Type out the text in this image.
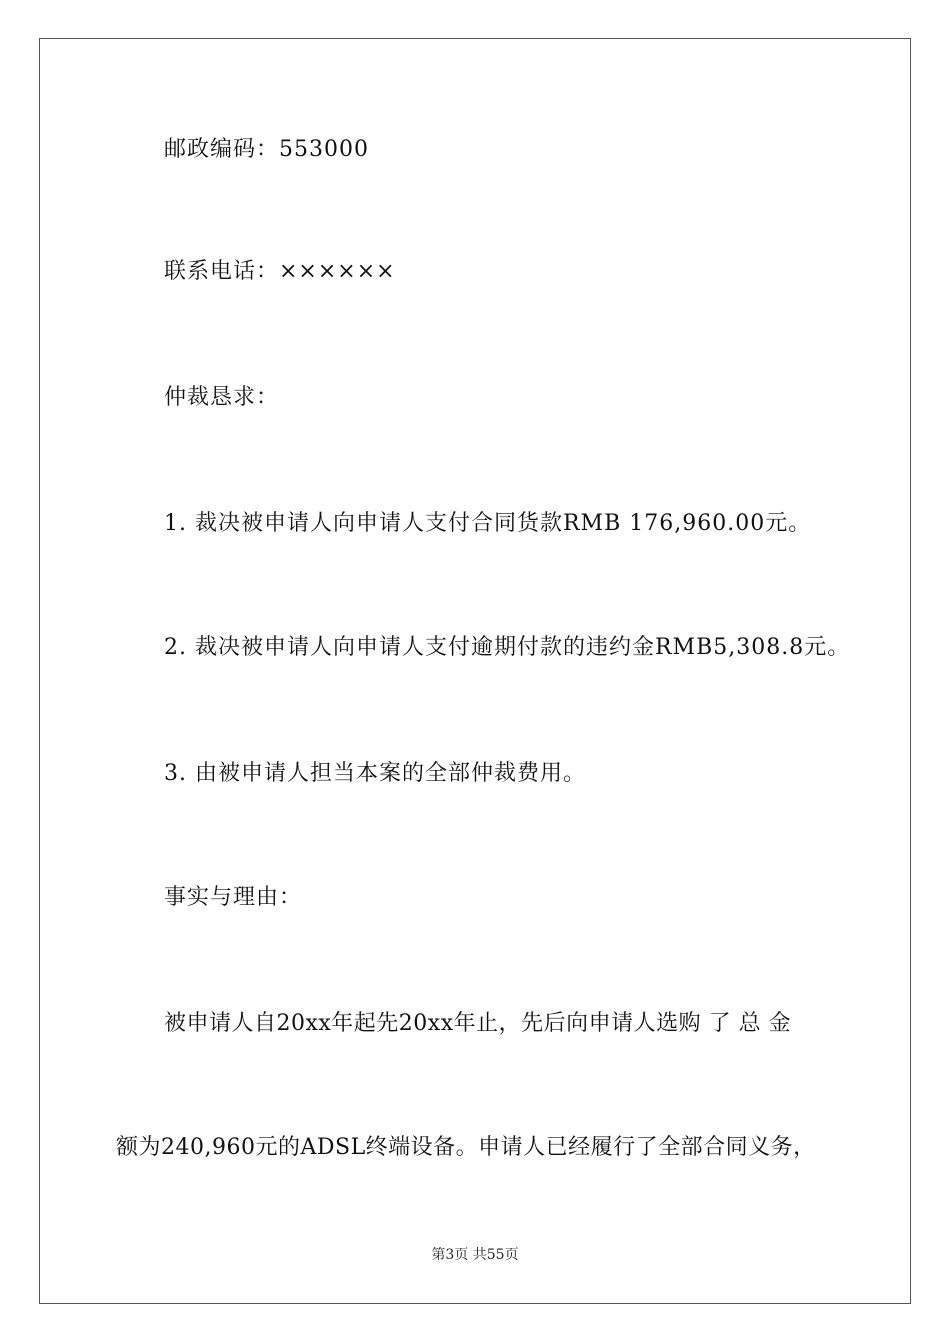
邮政编码：553000
联系电话：××××××
仲裁恳求：
1. 裁决被申请人向申请人支付合同货款RMB 176,960.00元。
2. 裁决被申请人向申请人支付逾期付款的违约金RMB5,308.8元。
3. 由被申请人担当本案的全部仲裁费用。
事实与理由：
被申请人自20xx年起先20xx年止，先后向申请人选购 了 总 金
额为240,960元的ADSL终端设备。申请人已经履行了全部合同义务，
第3页 共55页
